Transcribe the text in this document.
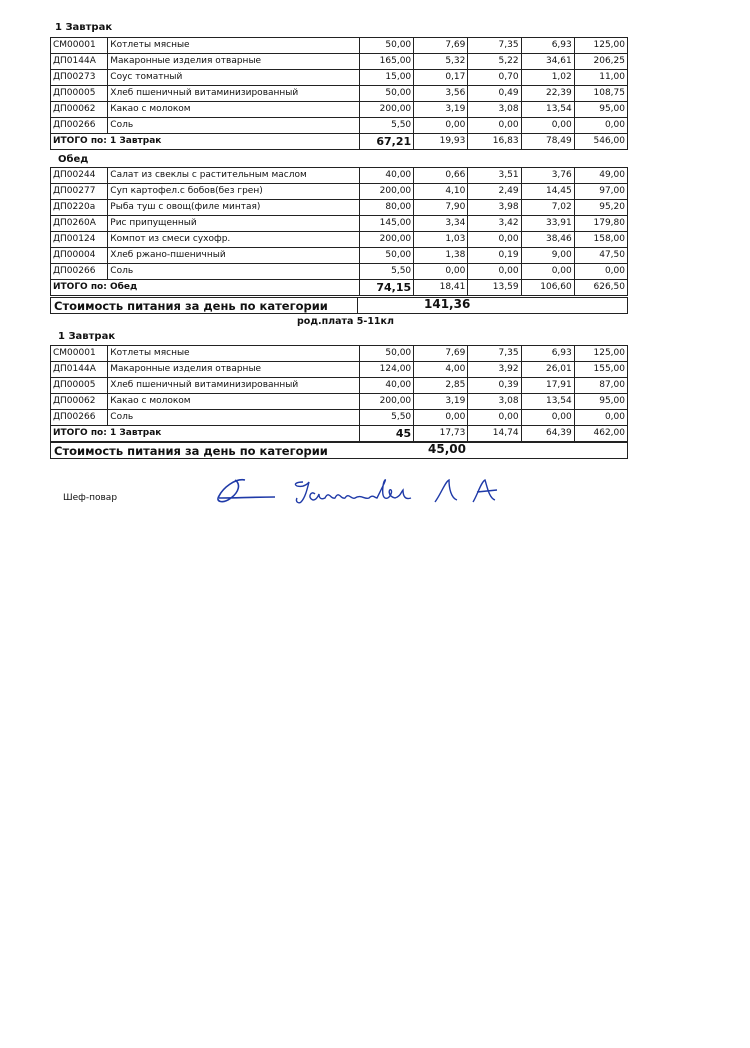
1 Завтрак
СМ00001	Котлеты мясные	50,00	7,69	7,35	6,93	125,00
ДП0144А	Макаронные изделия отварные	165,00	5,32	5,22	34,61	206,25
ДП00273	Соус томатный	15,00	0,17	0,70	1,02	11,00
ДП00005	Хлеб пшеничный витаминизированный	50,00	3,56	0,49	22,39	108,75
ДП00062	Какао с молоком	200,00	3,19	3,08	13,54	95,00
ДП00266	Соль	5,50	0,00	0,00	0,00	0,00
ИТОГО по: 1 Завтрак		67,21	19,93	16,83	78,49	546,00
Обед
ДП00244	Салат из свеклы с растительным маслом	40,00	0,66	3,51	3,76	49,00
ДП00277	Суп картофел.с бобов(без грен)	200,00	4,10	2,49	14,45	97,00
ДП0220а	Рыба туш с овощ(филе минтая)	80,00	7,90	3,98	7,02	95,20
ДП0260А	Рис припущенный	145,00	3,34	3,42	33,91	179,80
ДП00124	Компот из смеси сухофр.	200,00	1,03	0,00	38,46	158,00
ДП00004	Хлеб ржано-пшеничный	50,00	1,38	0,19	9,00	47,50
ДП00266	Соль	5,50	0,00	0,00	0,00	0,00
ИТОГО по: Обед		74,15	18,41	13,59	106,60	626,50
Стоимость питания за день по категории	141,36
род.плата 5-11кл
1 Завтрак
СМ00001	Котлеты мясные	50,00	7,69	7,35	6,93	125,00
ДП0144А	Макаронные изделия отварные	124,00	4,00	3,92	26,01	155,00
ДП00005	Хлеб пшеничный витаминизированный	40,00	2,85	0,39	17,91	87,00
ДП00062	Какао с молоком	200,00	3,19	3,08	13,54	95,00
ДП00266	Соль	5,50	0,00	0,00	0,00	0,00
ИТОГО по: 1 Завтрак		45	17,73	14,74	64,39	462,00
Стоимость питания за день по категории	45,00
Шеф-повар
